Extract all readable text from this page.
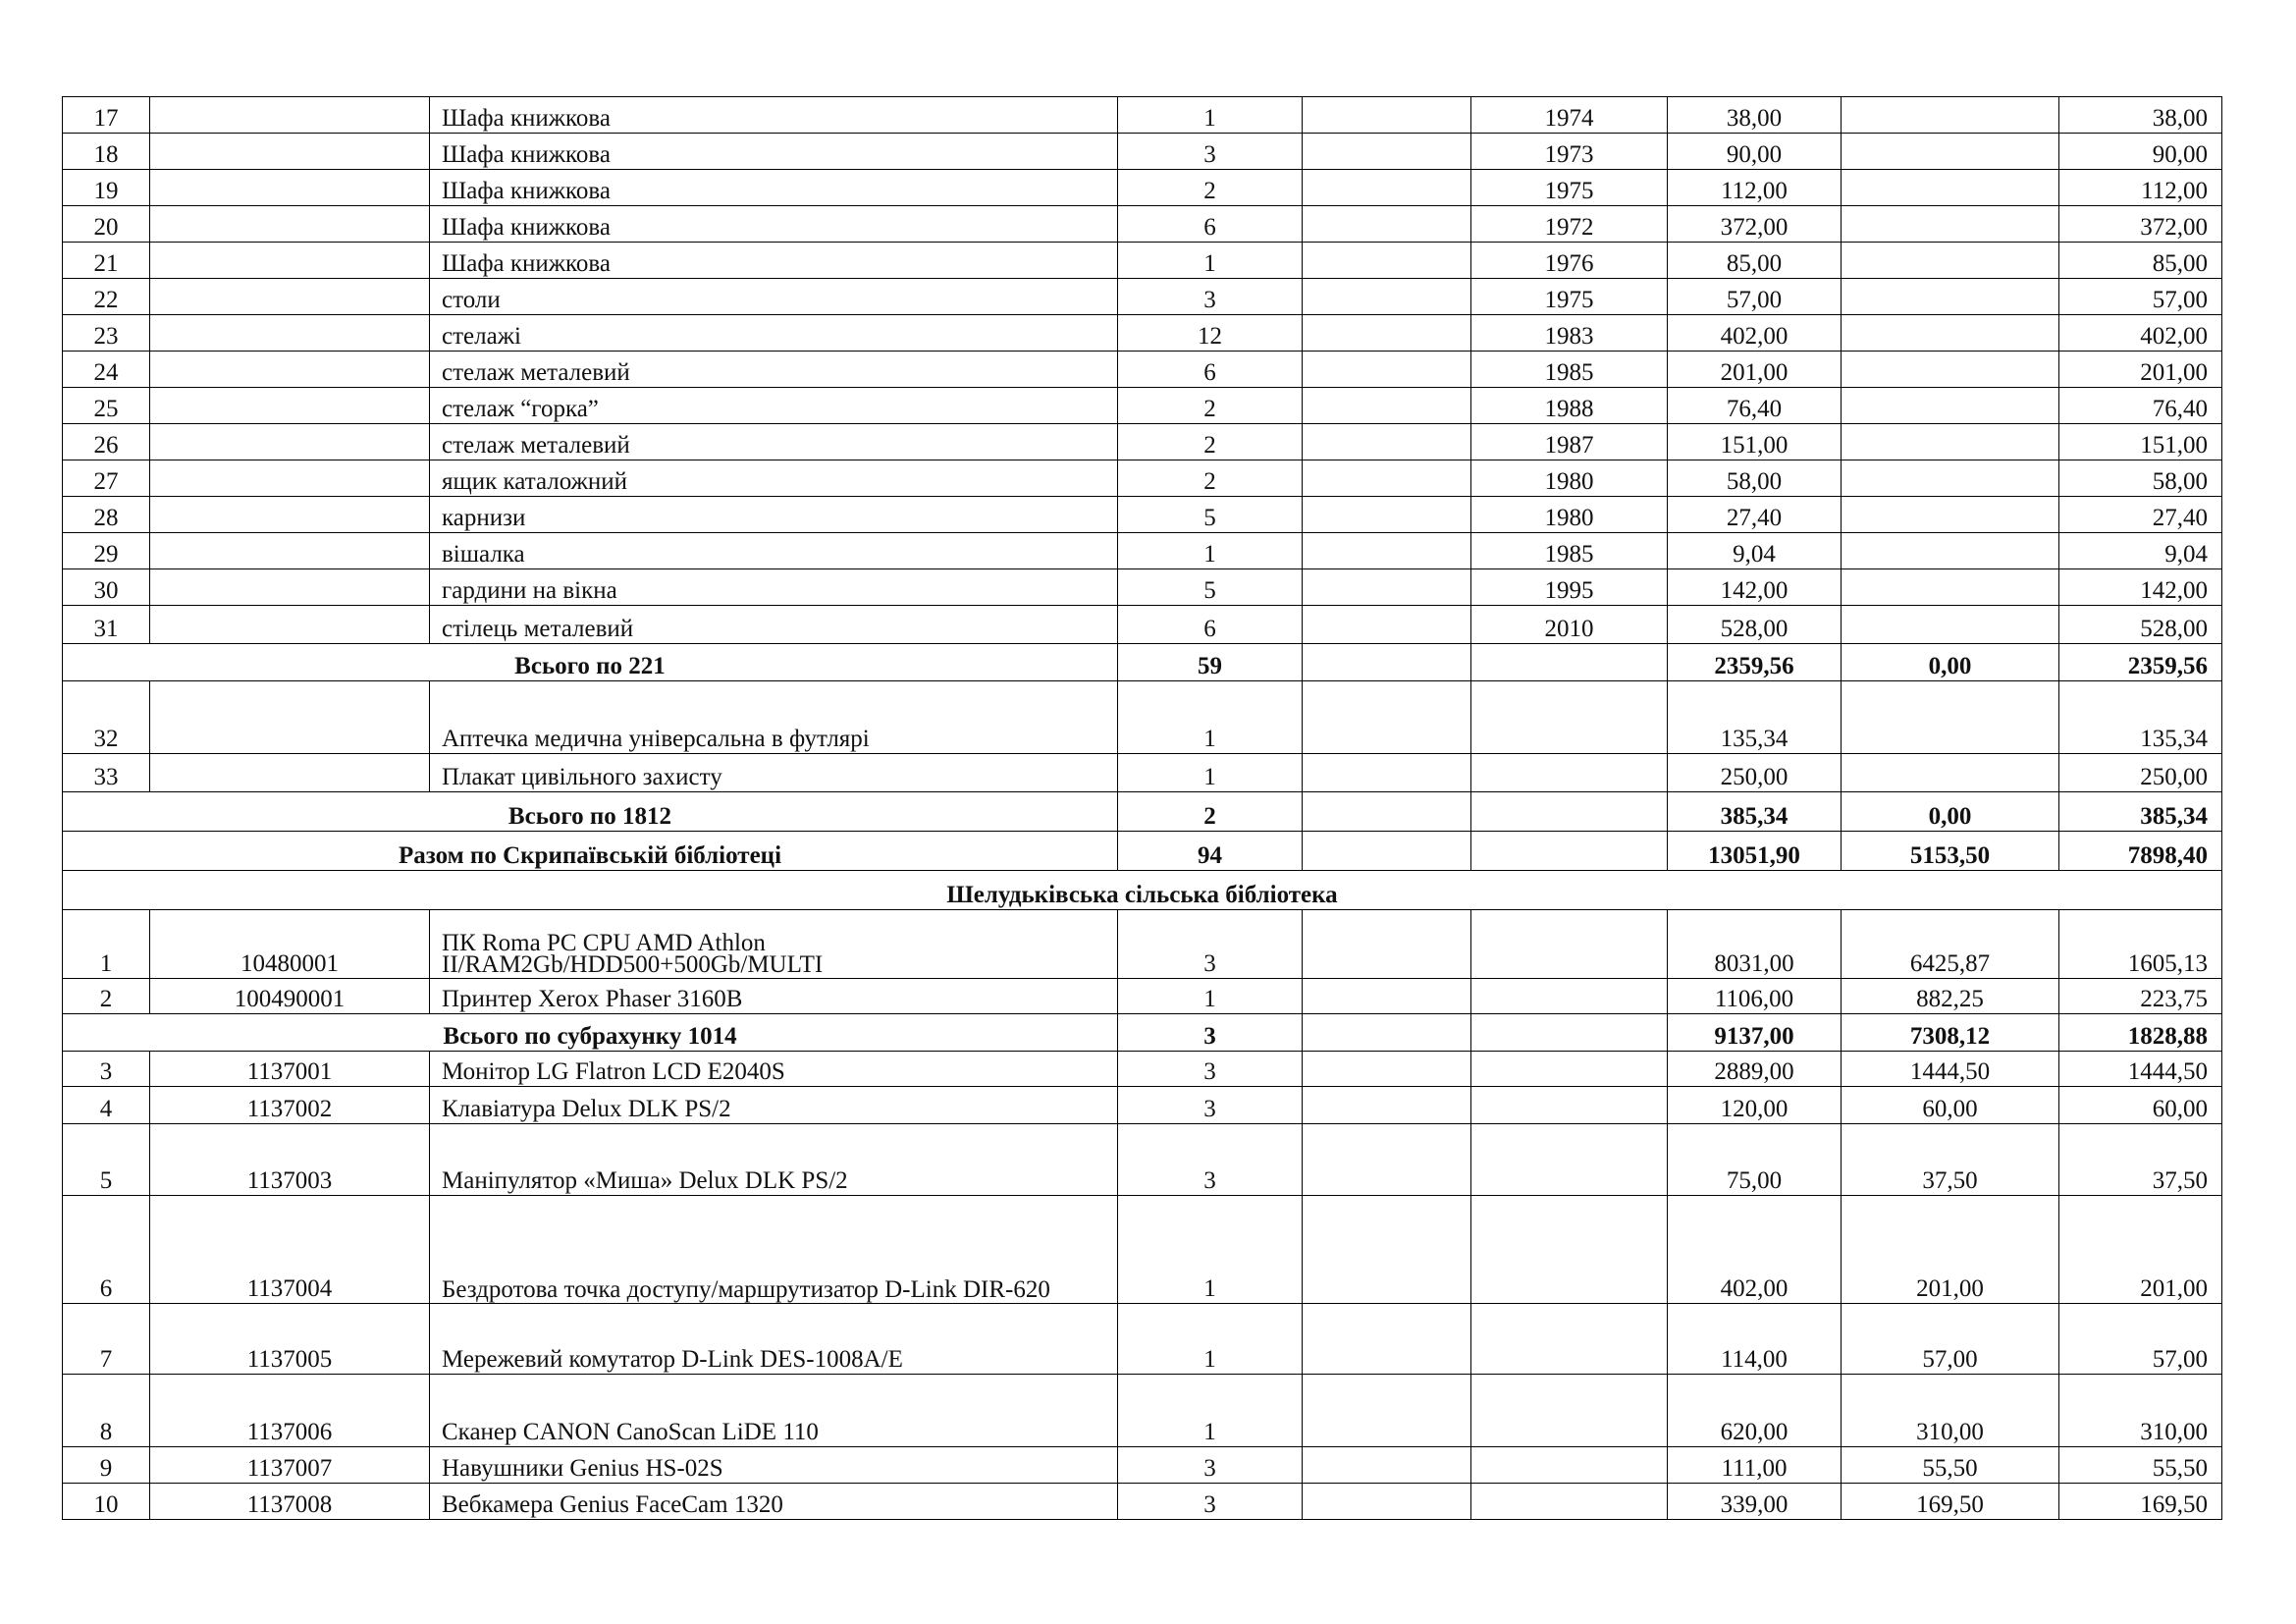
17		Шафа книжкова	1		1974	38,00		38,00
18		Шафа книжкова	3		1973	90,00		90,00
19		Шафа книжкова	2		1975	112,00		112,00
20		Шафа книжкова	6		1972	372,00		372,00
21		Шафа книжкова	1		1976	85,00		85,00
22		столи	3		1975	57,00		57,00
23		стелажі	12		1983	402,00		402,00
24		стелаж металевий	6		1985	201,00		201,00
25		стелаж “горка”	2		1988	76,40		76,40
26		стелаж металевий	2		1987	151,00		151,00
27		ящик каталожний	2		1980	58,00		58,00
28		карнизи	5		1980	27,40		27,40
29		вішалка	1		1985	9,04		9,04
30		гардини на вікна	5		1995	142,00		142,00
31		стілець металевий	6		2010	528,00		528,00
Всього по 221			59			2359,56	0,00	2359,56
32		Аптечка медична універсальна в футлярі	1			135,34		135,34
33		Плакат цивільного захисту	1			250,00		250,00
Всього по 1812			2			385,34	0,00	385,34
Разом по Скрипаївській бібліотеці			94			13051,90	5153,50	7898,40
Шелудьківська сільська бібліотека								
1	10480001	ПК Roma PC CPU AMD Athlon II/RAM2Gb/HDD500+500Gb/MULTI	3			8031,00	6425,87	1605,13
2	100490001	Принтер Xerox Phaser 3160B	1			1106,00	882,25	223,75
Всього по субрахунку 1014			3			9137,00	7308,12	1828,88
3	1137001	Монітор LG Flatron LCD E2040S	3			2889,00	1444,50	1444,50
4	1137002	Клавіатура Delux DLK PS/2	3			120,00	60,00	60,00
5	1137003	Маніпулятор «Миша» Delux DLK PS/2	3			75,00	37,50	37,50
6	1137004	Бездротова точка доступу/маршрутизатор D-Link DIR-620	1			402,00	201,00	201,00
7	1137005	Мережевий комутатор D-Link DES-1008A/E	1			114,00	57,00	57,00
8	1137006	Сканер CANON CanoScan LiDE 110	1			620,00	310,00	310,00
9	1137007	Навушники Genius HS-02S	3			111,00	55,50	55,50
10	1137008	Вебкамера Genius FaceCam 1320	3			339,00	169,50	169,50
